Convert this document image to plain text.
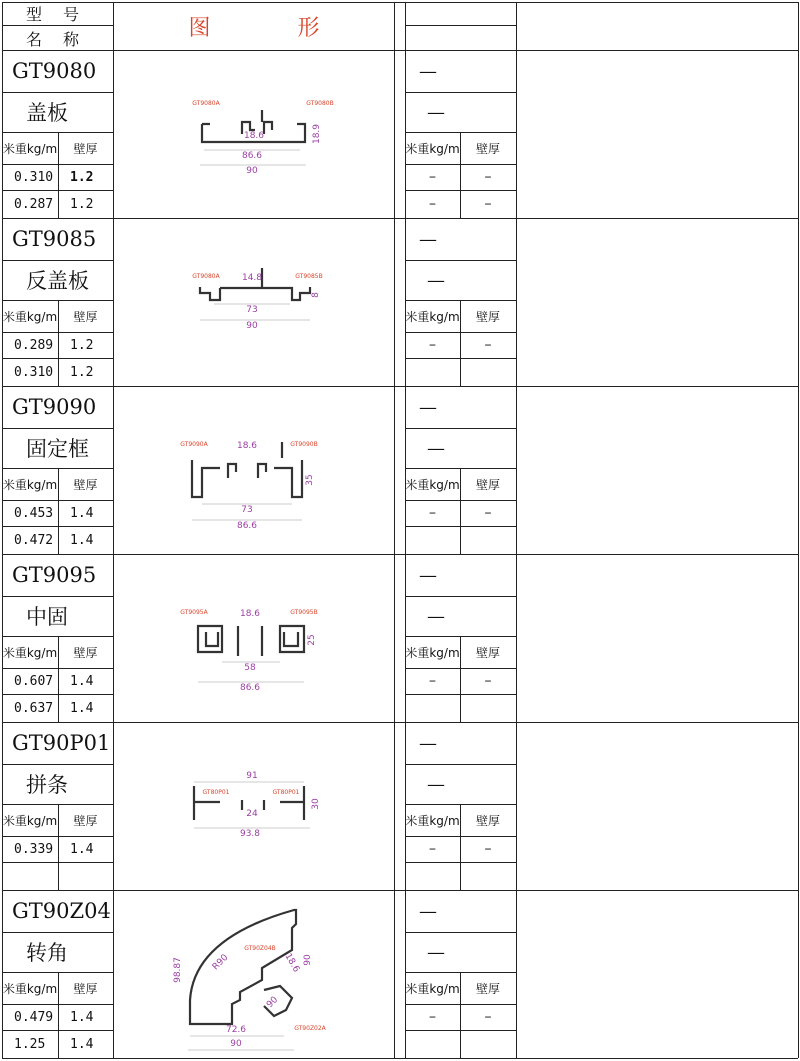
型 号
名 称	图 形
GT9080
盖板
米重kg/m	壁厚
0.310	1.2
0.287	1.2
—
—
米重kg/m	壁厚
–	–
–	–
GT9080A	GT9080B
18.6	18.9
86.6
90
GT9085
反盖板
米重kg/m	壁厚
0.289	1.2
0.310	1.2
—
—
米重kg/m	壁厚
–	–
GT9080A	GT9085B
14.8
8
73
90
GT9090
固定框
米重kg/m	壁厚
0.453	1.4
0.472	1.4
—
—
米重kg/m	壁厚
–	–
GT9090A	GT9090B
18.6
35
73
86.6
GT9095
中固
米重kg/m	壁厚
0.607	1.4
0.637	1.4
—
—
米重kg/m	壁厚
–	–
GT9095A	GT9095B
18.6
25
58
86.6
GT90P01
拼条
米重kg/m	壁厚
0.339	1.4
—
—
米重kg/m	壁厚
–	–
GT80P01	GT80P01
91
24
30
93.8
GT90Z04
转角
米重kg/m	壁厚
0.479	1.4
1.25	1.4
—
—
米重kg/m	壁厚
–	–
GT90Z04B
GT90Z02A
98.87	R90	18.6 90
90
72.6
90
